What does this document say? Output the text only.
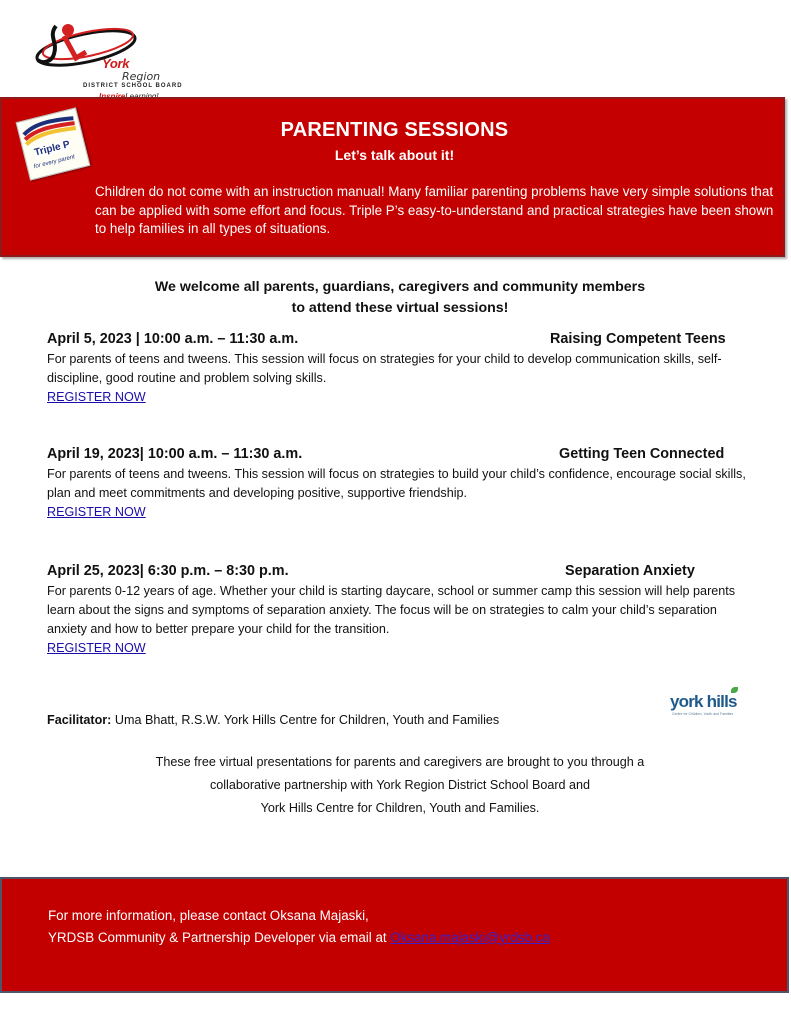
York
Region
DISTRICT SCHOOL BOARD
Triple P
for every parent
PARENTING SESSIONS
Let’s talk about it!
Children do not come with an instruction manual! Many familiar parenting problems have very simple solutions that can be applied with some effort and focus. Triple P’s easy-to-understand and practical strategies have been shown to help families in all types of situations.
We welcome all parents, guardians, caregivers and community members
to attend these virtual sessions!
April 5, 2023 | 10:00 a.m. – 11:30 a.m.	Raising Competent Teens
For parents of teens and tweens. This session will focus on strategies for your child to develop communication skills, self-discipline, good routine and problem solving skills.
REGISTER NOW
April 19, 2023| 10:00 a.m. – 11:30 a.m.	Getting Teen Connected
For parents of teens and tweens. This session will focus on strategies to build your child’s confidence, encourage social skills, plan and meet commitments and developing positive, supportive friendship.
REGISTER NOW
April 25, 2023| 6:30 p.m. – 8:30 p.m.	Separation Anxiety
For parents 0-12 years of age. Whether your child is starting daycare, school or summer camp this session will help parents learn about the signs and symptoms of separation anxiety. The focus will be on strategies to calm your child’s separation anxiety and how to better prepare your child for the transition.
REGISTER NOW
Facilitator: Uma Bhatt, R.S.W. York Hills Centre for Children, Youth and Families
york hills
Centre for Children, Youth and Families
These free virtual presentations for parents and caregivers are brought to you through a
collaborative partnership with York Region District School Board and
York Hills Centre for Children, Youth and Families.
For more information, please contact Oksana Majaski,
YRDSB Community & Partnership Developer via email at Oksana.majaski@yrdsb.ca
